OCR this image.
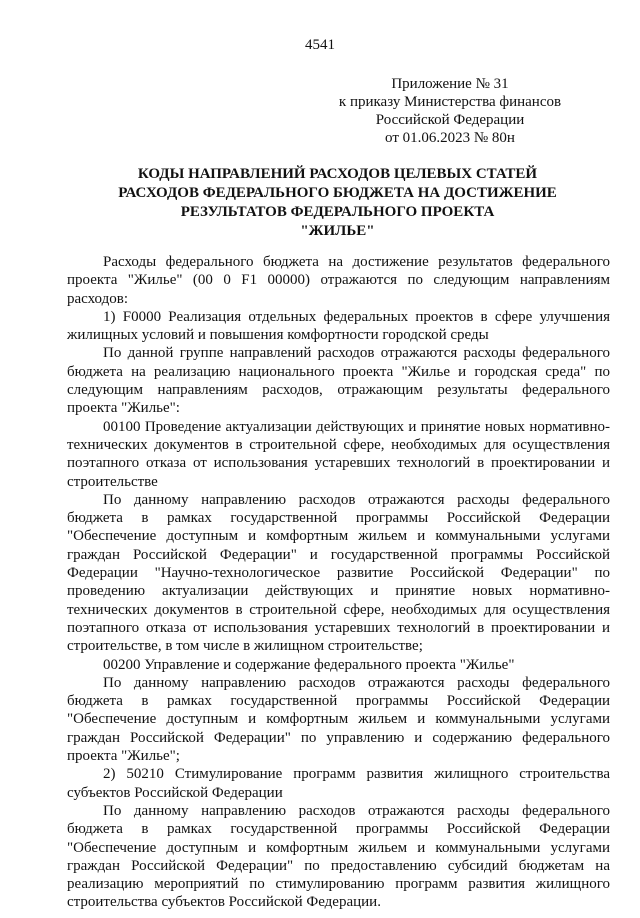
4541
Приложение № 31
к приказу Министерства финансов
Российской Федерации
от 01.06.2023 № 80н
КОДЫ НАПРАВЛЕНИЙ РАСХОДОВ ЦЕЛЕВЫХ СТАТЕЙ
РАСХОДОВ ФЕДЕРАЛЬНОГО БЮДЖЕТА НА ДОСТИЖЕНИЕ
РЕЗУЛЬТАТОВ ФЕДЕРАЛЬНОГО ПРОЕКТА
"ЖИЛЬЕ"

Расходы федерального бюджета на достижение результатов федерального проекта "Жилье" (00 0 F1 00000) отражаются по следующим направлениям расходов:

1) F0000 Реализация отдельных федеральных проектов в сфере улучшения жилищных условий и повышения комфортности городской среды

По данной группе направлений расходов отражаются расходы федерального бюджета на реализацию национального проекта "Жилье и городская среда" по следующим направлениям расходов, отражающим результаты федерального проекта "Жилье":

00100 Проведение актуализации действующих и принятие новых нормативно-технических документов в строительной сфере, необходимых для осуществления поэтапного отказа от использования устаревших технологий в проектировании и строительстве

По данному направлению расходов отражаются расходы федерального бюджета в рамках государственной программы Российской Федерации "Обеспечение доступным и комфортным жильем и коммунальными услугами граждан Российской Федерации" и государственной программы Российской Федерации "Научно-технологическое развитие Российской Федерации" по проведению актуализации действующих и принятие новых нормативно-технических документов в строительной сфере, необходимых для осуществления поэтапного отказа от использования устаревших технологий в проектировании и строительстве, в том числе в жилищном строительстве;

00200 Управление и содержание федерального проекта "Жилье"

По данному направлению расходов отражаются расходы федерального бюджета в рамках государственной программы Российской Федерации "Обеспечение доступным и комфортным жильем и коммунальными услугами граждан Российской Федерации" по управлению и содержанию федерального проекта "Жилье";

2) 50210 Стимулирование программ развития жилищного строительства субъектов Российской Федерации

По данному направлению расходов отражаются расходы федерального бюджета в рамках государственной программы Российской Федерации "Обеспечение доступным и комфортным жильем и коммунальными услугами граждан Российской Федерации" по предоставлению субсидий бюджетам на реализацию мероприятий по стимулированию программ развития жилищного строительства субъектов Российской Федерации.
